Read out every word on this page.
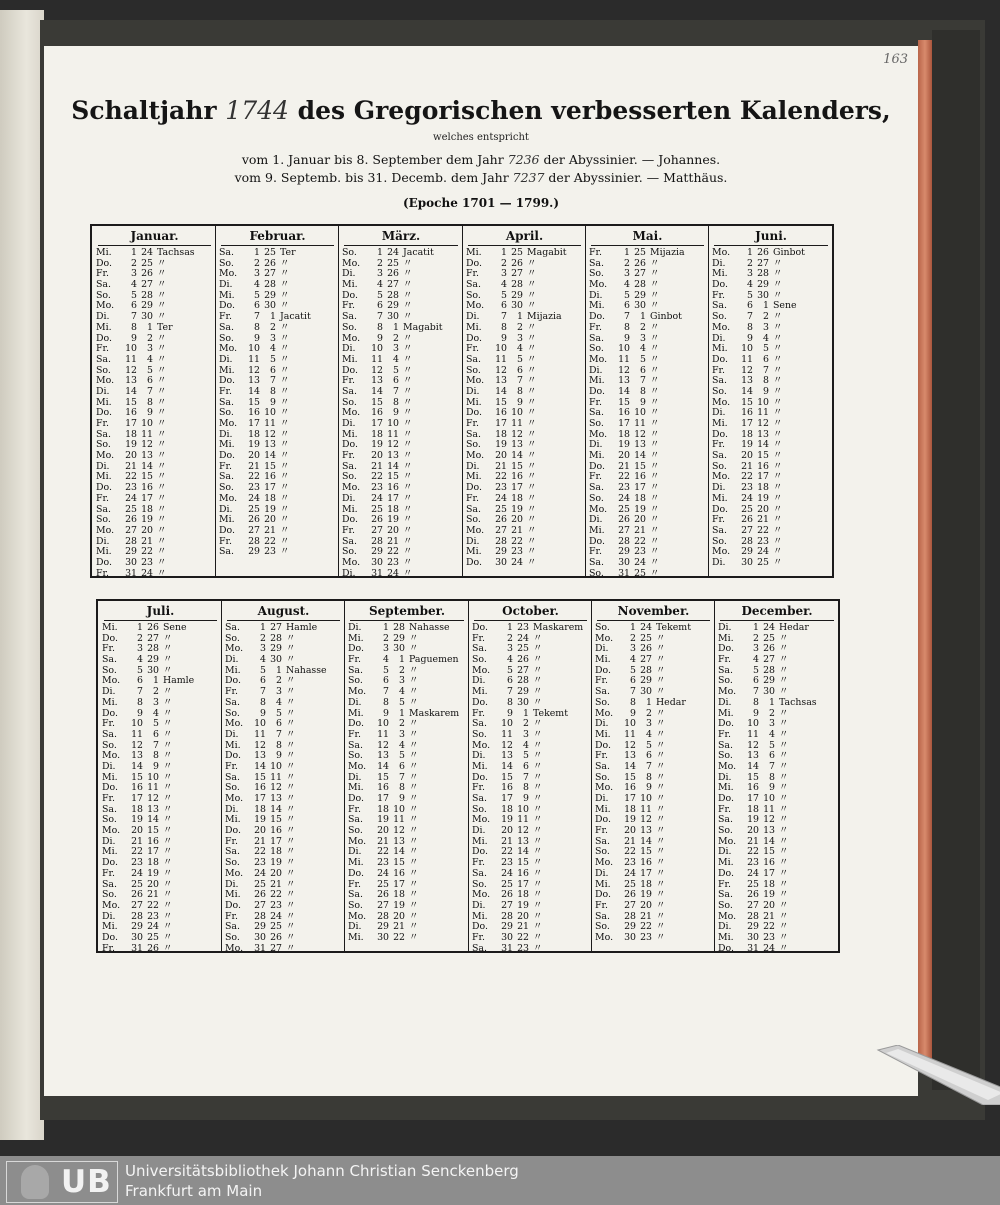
163
Schaltjahr 1744 des Gregorischen verbesserten Kalenders,
welches entspricht
vom 1. Januar bis 8. September dem Jahr 7236 der Abyssinier. — Johannes.
vom 9. Septemb. bis 31. Decemb. dem Jahr 7237 der Abyssinier. — Matthäus.
(Epoche 1701 — 1799.)
Januar.
Mi.	1 24 Tachsas
Do.	2 25 〃
Fr.	3 26 〃
Sa.	4 27 〃
So.	5 28 〃
Mo.	6 29 〃
Di.	7 30 〃
Mi.	8	1 Ter
Do.	9	2 〃
Fr. 10	3 〃
Sa. 11	4 〃
So. 12	5 〃
Mo. 13	6 〃
Di. 14	7 〃
Mi. 15	8 〃
Do. 16	9 〃
Fr. 17 10 〃
Sa. 18 11 〃
So. 19 12 〃
Mo. 20 13 〃
Di. 21 14 〃
Mi. 22 15 〃
Do. 23 16 〃
Fr. 24 17 〃
Sa. 25 18 〃
So. 26 19 〃
Mo. 27 20 〃
Di. 28 21 〃
Mi. 29 22 〃
Do. 30 23 〃
Fr. 31 24 〃
Februar.
Sa.	1 25 Ter
So.	2 26 〃
Mo.	3 27 〃
Di.	4 28 〃
Mi.	5 29 〃
Do.	6 30 〃
Fr.	7	1 Jacatit
Sa.	8	2 〃
So.	9	3 〃
Mo. 10	4 〃
Di. 11	5 〃
Mi. 12	6 〃
Do. 13	7 〃
Fr. 14	8 〃
Sa. 15	9 〃
So. 16 10 〃
Mo. 17 11 〃
Di. 18 12 〃
Mi. 19 13 〃
Do. 20 14 〃
Fr. 21 15 〃
Sa. 22 16 〃
So. 23 17 〃
Mo. 24 18 〃
Di. 25 19 〃
Mi. 26 20 〃
Do. 27 21 〃
Fr. 28 22 〃
Sa. 29 23 〃
März.
So.	1 24 Jacatit
Mo.	2 25 〃
Di.	3 26 〃
Mi.	4 27 〃
Do.	5 28 〃
Fr.	6 29 〃
Sa.	7 30 〃
So.	8	1 Magabit
Mo.	9	2 〃
Di. 10	3 〃
Mi. 11	4 〃
Do. 12	5 〃
Fr. 13	6 〃
Sa. 14	7 〃
So. 15	8 〃
Mo. 16	9 〃
Di. 17 10 〃
Mi. 18 11 〃
Do. 19 12 〃
Fr. 20 13 〃
Sa. 21 14 〃
So. 22 15 〃
Mo. 23 16 〃
Di. 24 17 〃
Mi. 25 18 〃
Do. 26 19 〃
Fr. 27 20 〃
Sa. 28 21 〃
So. 29 22 〃
Mo. 30 23 〃
Di. 31 24 〃
April.
Mi.	1 25 Magabit
Do.	2 26 〃
Fr.	3 27 〃
Sa.	4 28 〃
So.	5 29 〃
Mo.	6 30 〃
Di.	7	1 Mijazia
Mi.	8	2 〃
Do.	9	3 〃
Fr. 10	4 〃
Sa. 11	5 〃
So. 12	6 〃
Mo. 13	7 〃
Di. 14	8 〃
Mi. 15	9 〃
Do. 16 10 〃
Fr. 17 11 〃
Sa. 18 12 〃
So. 19 13 〃
Mo. 20 14 〃
Di. 21 15 〃
Mi. 22 16 〃
Do. 23 17 〃
Fr. 24 18 〃
Sa. 25 19 〃
So. 26 20 〃
Mo. 27 21 〃
Di. 28 22 〃
Mi. 29 23 〃
Do. 30 24 〃
Mai.
Fr.	1 25 Mijazia
Sa.	2 26 〃
So.	3 27 〃
Mo.	4 28 〃
Di.	5 29 〃
Mi.	6 30 〃
Do.	7	1 Ginbot
Fr.	8	2 〃
Sa.	9	3 〃
So. 10	4 〃
Mo. 11	5 〃
Di. 12	6 〃
Mi. 13	7 〃
Do. 14	8 〃
Fr. 15	9 〃
Sa. 16 10 〃
So. 17 11 〃
Mo. 18 12 〃
Di. 19 13 〃
Mi. 20 14 〃
Do. 21 15 〃
Fr. 22 16 〃
Sa. 23 17 〃
So. 24 18 〃
Mo. 25 19 〃
Di. 26 20 〃
Mi. 27 21 〃
Do. 28 22 〃
Fr. 29 23 〃
Sa. 30 24 〃
So. 31 25 〃
Juni.
Mo.	1 26 Ginbot
Di.	2 27 〃
Mi.	3 28 〃
Do.	4 29 〃
Fr.	5 30 〃
Sa.	6	1 Sene
So.	7	2 〃
Mo.	8	3 〃
Di.	9	4 〃
Mi. 10	5 〃
Do. 11	6 〃
Fr. 12	7 〃
Sa. 13	8 〃
So. 14	9 〃
Mo. 15 10 〃
Di. 16 11 〃
Mi. 17 12 〃
Do. 18 13 〃
Fr. 19 14 〃
Sa. 20 15 〃
So. 21 16 〃
Mo. 22 17 〃
Di. 23 18 〃
Mi. 24 19 〃
Do. 25 20 〃
Fr. 26 21 〃
Sa. 27 22 〃
So. 28 23 〃
Mo. 29 24 〃
Di. 30 25 〃
Juli.
Mi.	1 26 Sene
Do.	2 27 〃
Fr.	3 28 〃
Sa.	4 29 〃
So.	5 30 〃
Mo.	6	1 Hamle
Di.	7	2 〃
Mi.	8	3 〃
Do.	9	4 〃
Fr. 10	5 〃
Sa. 11	6 〃
So. 12	7 〃
Mo. 13	8 〃
Di. 14	9 〃
Mi. 15 10 〃
Do. 16 11 〃
Fr. 17 12 〃
Sa. 18 13 〃
So. 19 14 〃
Mo. 20 15 〃
Di. 21 16 〃
Mi. 22 17 〃
Do. 23 18 〃
Fr. 24 19 〃
Sa. 25 20 〃
So. 26 21 〃
Mo. 27 22 〃
Di. 28 23 〃
Mi. 29 24 〃
Do. 30 25 〃
Fr. 31 26 〃
August.
Sa.	1 27 Hamle
So.	2 28 〃
Mo.	3 29 〃
Di.	4 30 〃
Mi.	5	1 Nahasse
Do.	6	2 〃
Fr.	7	3 〃
Sa.	8	4 〃
So.	9	5 〃
Mo. 10	6 〃
Di. 11	7 〃
Mi. 12	8 〃
Do. 13	9 〃
Fr. 14 10 〃
Sa. 15 11 〃
So. 16 12 〃
Mo. 17 13 〃
Di. 18 14 〃
Mi. 19 15 〃
Do. 20 16 〃
Fr. 21 17 〃
Sa. 22 18 〃
So. 23 19 〃
Mo. 24 20 〃
Di. 25 21 〃
Mi. 26 22 〃
Do. 27 23 〃
Fr. 28 24 〃
Sa. 29 25 〃
So. 30 26 〃
Mo. 31 27 〃
September.
Di.	1 28 Nahasse
Mi.	2 29 〃
Do.	3 30 〃
Fr.	4	1 Paguemen
Sa.	5	2 〃
So.	6	3 〃
Mo.	7	4 〃
Di.	8	5 〃
Mi.	9	1 Maskarem
Do. 10	2 〃
Fr. 11	3 〃
Sa. 12	4 〃
So. 13	5 〃
Mo. 14	6 〃
Di. 15	7 〃
Mi. 16	8 〃
Do. 17	9 〃
Fr. 18 10 〃
Sa. 19 11 〃
So. 20 12 〃
Mo. 21 13 〃
Di. 22 14 〃
Mi. 23 15 〃
Do. 24 16 〃
Fr. 25 17 〃
Sa. 26 18 〃
So. 27 19 〃
Mo. 28 20 〃
Di. 29 21 〃
Mi. 30 22 〃
October.
Do.	1 23 Maskarem
Fr.	2 24 〃
Sa.	3 25 〃
So.	4 26 〃
Mo.	5 27 〃
Di.	6 28 〃
Mi.	7 29 〃
Do.	8 30 〃
Fr.	9	1 Tekemt
Sa. 10	2 〃
So. 11	3 〃
Mo. 12	4 〃
Di. 13	5 〃
Mi. 14	6 〃
Do. 15	7 〃
Fr. 16	8 〃
Sa. 17	9 〃
So. 18 10 〃
Mo. 19 11 〃
Di. 20 12 〃
Mi. 21 13 〃
Do. 22 14 〃
Fr. 23 15 〃
Sa. 24 16 〃
So. 25 17 〃
Mo. 26 18 〃
Di. 27 19 〃
Mi. 28 20 〃
Do. 29 21 〃
Fr. 30 22 〃
Sa. 31 23 〃
November.
So.	1 24 Tekemt
Mo.	2 25 〃
Di.	3 26 〃
Mi.	4 27 〃
Do.	5 28 〃
Fr.	6 29 〃
Sa.	7 30 〃
So.	8	1 Hedar
Mo.	9	2 〃
Di. 10	3 〃
Mi. 11	4 〃
Do. 12	5 〃
Fr. 13	6 〃
Sa. 14	7 〃
So. 15	8 〃
Mo. 16	9 〃
Di. 17 10 〃
Mi. 18 11 〃
Do. 19 12 〃
Fr. 20 13 〃
Sa. 21 14 〃
So. 22 15 〃
Mo. 23 16 〃
Di. 24 17 〃
Mi. 25 18 〃
Do. 26 19 〃
Fr. 27 20 〃
Sa. 28 21 〃
So. 29 22 〃
Mo. 30 23 〃
December.
Di.	1 24 Hedar
Mi.	2 25 〃
Do.	3 26 〃
Fr.	4 27 〃
Sa.	5 28 〃
So.	6 29 〃
Mo.	7 30 〃
Di.	8	1 Tachsas
Mi.	9	2 〃
Do. 10	3 〃
Fr. 11	4 〃
Sa. 12	5 〃
So. 13	6 〃
Mo. 14	7 〃
Di. 15	8 〃
Mi. 16	9 〃
Do. 17 10 〃
Fr. 18 11 〃
Sa. 19 12 〃
So. 20 13 〃
Mo. 21 14 〃
Di. 22 15 〃
Mi. 23 16 〃
Do. 24 17 〃
Fr. 25 18 〃
Sa. 26 19 〃
So. 27 20 〃
Mo. 28 21 〃
Di. 29 22 〃
Mi. 30 23 〃
Do. 31 24 〃
UB Universitätsbibliothek Johann Christian Senckenberg
Frankfurt am Main
